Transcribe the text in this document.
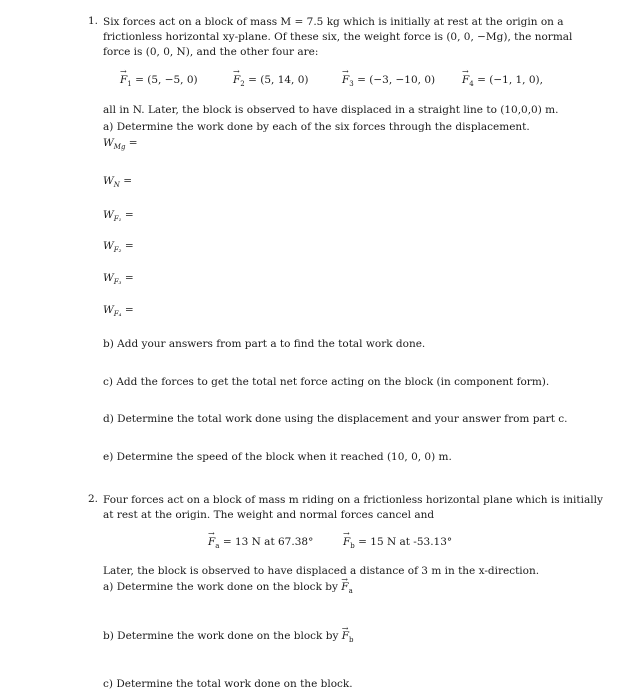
1. Six forces act on a block of mass M = 7.5 kg which is initially at rest at the origin on a
frictionless horizontal xy-plane. Of these six, the weight force is (0, 0, −Mg), the normal
force is (0, 0, N), and the other four are:
→ $F_1 = (5$, −5, 0)	→ $F_2 = (5$, 14, 0)	→ $F_3 = (-3$, −10, 0)	→ $F_4 = (-1$, 1, 0),
all in N. Later, the block is observed to have displaced in a straight line to (10,0,0) m.
a) Determine the work done by each of the six forces through the displacement.
$W_{Mg}$ =
$W_N$ =
$W_{F_1}$ =
$W_{F_2}$ =
$W_{F_3}$ =
$W_{F_4}$ =
b) Add your answers from part a to find the total work done.
c) Add the forces to get the total net force acting on the block (in component form).
d) Determine the total work done using the displacement and your answer from part c.
e) Determine the speed of the block when it reached (10, 0, 0) m.
2. Four forces act on a block of mass m riding on a frictionless horizontal plane which is initially
at rest at the origin. The weight and normal forces cancel and
→ $F_a = 13$ N at 67.38°	→ $F_b = 15$ N at -53.13°
Later, the block is observed to have displaced a distance of 3 m in the x-direction.
a) Determine the work done on the block by → $F_a$
b) Determine the work done on the block by → $F_b$
c) Determine the total work done on the block.
